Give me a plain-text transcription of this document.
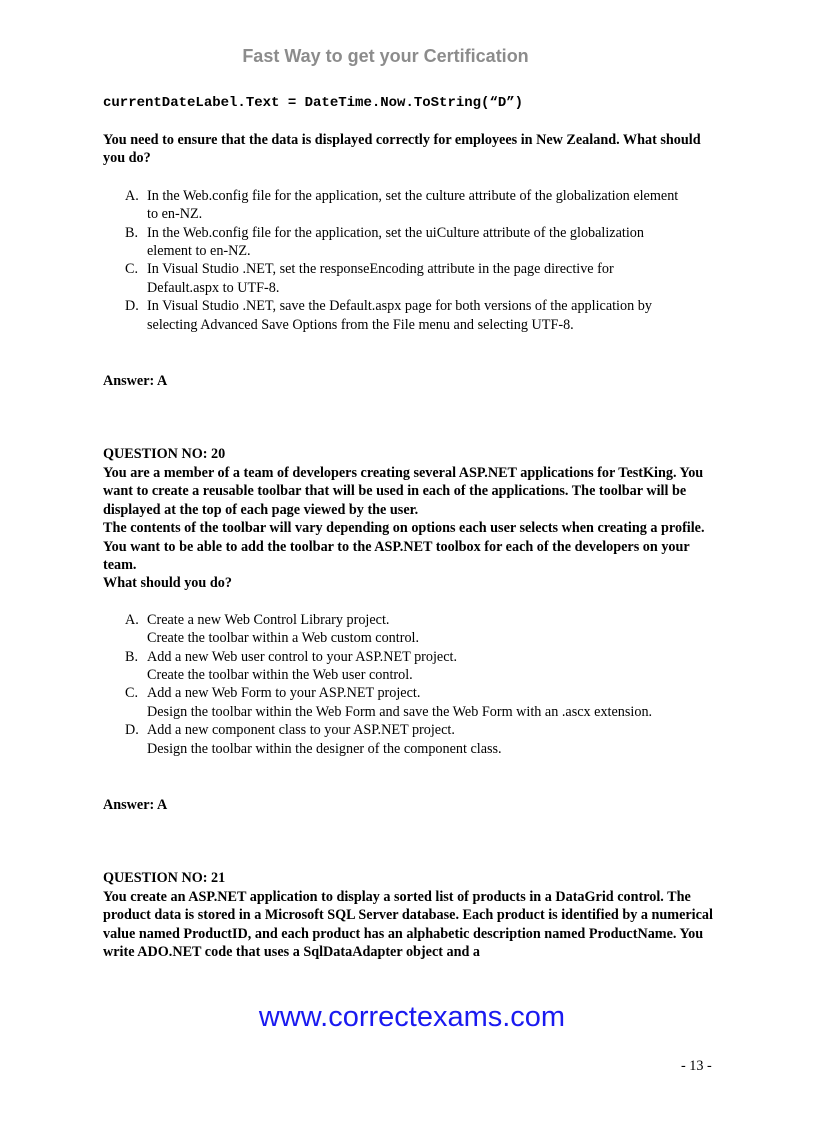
Fast Way to get your Certification

currentDateLabel.Text = DateTime.Now.ToString(“D”)

You need to ensure that the data is displayed correctly for employees in New Zealand. What should you do?

A. In the Web.config file for the application, set the culture attribute of the globalization element
to en-NZ.
B. In the Web.config file for the application, set the uiCulture attribute of the globalization
element to en-NZ.
C. In Visual Studio .NET, set the responseEncoding attribute in the page directive for
Default.aspx to UTF-8.
D. In Visual Studio .NET, save the Default.aspx page for both versions of the application by
selecting Advanced Save Options from the File menu and selecting UTF-8.

Answer: A

QUESTION NO: 20

You are a member of a team of developers creating several ASP.NET applications for TestKing. You want to create a reusable toolbar that will be used in each of the applications. The toolbar will be displayed at the top of each page viewed by the user.

The contents of the toolbar will vary depending on options each user selects when creating a profile.

You want to be able to add the toolbar to the ASP.NET toolbox for each of the developers on your team.

What should you do?

A. Create a new Web Control Library project.
Create the toolbar within a Web custom control.
B. Add a new Web user control to your ASP.NET project.
Create the toolbar within the Web user control.
C. Add a new Web Form to your ASP.NET project.
Design the toolbar within the Web Form and save the Web Form with an .ascx extension.
D. Add a new component class to your ASP.NET project.
Design the toolbar within the designer of the component class.

Answer: A

QUESTION NO: 21

You create an ASP.NET application to display a sorted list of products in a DataGrid control. The product data is stored in a Microsoft SQL Server database. Each product is identified by a numerical value named ProductID, and each product has an alphabetic description named ProductName. You write ADO.NET code that uses a SqlDataAdapter object and a

www.correctexams.com
- 13 -
